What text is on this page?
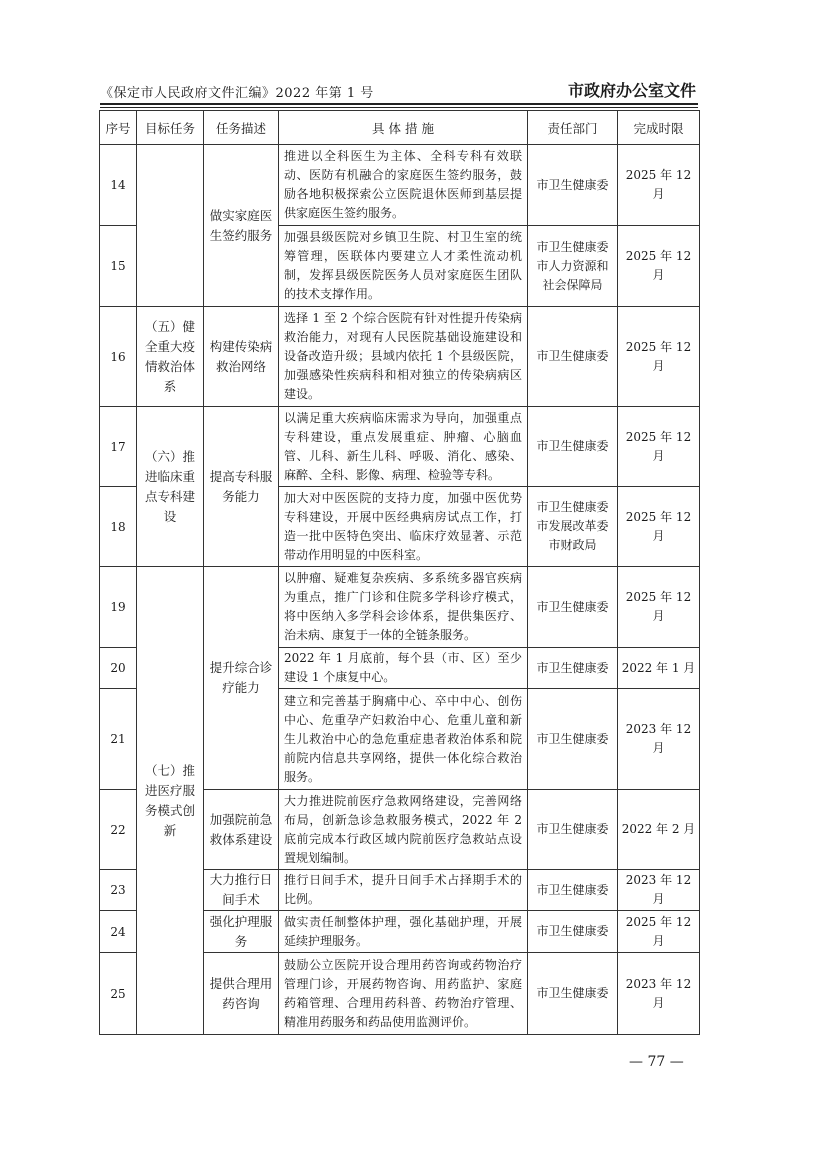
《保定市人民政府文件汇编》2022 年第 1 号	市政府办公室文件
序号	目标任务	任务描述	具 体 措 施	责任部门	完成时限
14		做实家庭医生签约服务	推进以全科医生为主体、全科专科有效联动、医防有机融合的家庭医生签约服务，鼓励各地积极探索公立医院退休医师到基层提供家庭医生签约服务。	市卫生健康委	2025 年 12 月
15			加强县级医院对乡镇卫生院、村卫生室的统筹管理，医联体内要建立人才柔性流动机制，发挥县级医院医务人员对家庭医生团队的技术支撑作用。	市卫生健康委市人力资源和社会保障局	2025 年 12 月
16	（五）健全重大疫情救治体系	构建传染病救治网络	选择 1 至 2 个综合医院有针对性提升传染病救治能力，对现有人民医院基础设施建设和设备改造升级；县域内依托 1 个县级医院，加强感染性疾病科和相对独立的传染病病区建设。	市卫生健康委	2025 年 12 月
17	（六）推进临床重点专科建设	提高专科服务能力	以满足重大疾病临床需求为导向，加强重点专科建设，重点发展重症、肿瘤、心脑血管、儿科、新生儿科、呼吸、消化、感染、麻醉、全科、影像、病理、检验等专科。	市卫生健康委	2025 年 12 月
18			加大对中医医院的支持力度，加强中医优势专科建设，开展中医经典病房试点工作，打造一批中医特色突出、临床疗效显著、示范带动作用明显的中医科室。	市卫生健康委市发展改革委市财政局	2025 年 12 月
19	（七）推进医疗服务模式创新	提升综合诊疗能力	以肿瘤、疑难复杂疾病、多系统多器官疾病为重点，推广门诊和住院多学科诊疗模式，将中医纳入多学科会诊体系，提供集医疗、治未病、康复于一体的全链条服务。	市卫生健康委	2025 年 12 月
20			2022 年 1 月底前，每个县（市、区）至少建设 1 个康复中心。	市卫生健康委	2022 年 1 月
21			建立和完善基于胸痛中心、卒中中心、创伤中心、危重孕产妇救治中心、危重儿童和新生儿救治中心的急危重症患者救治体系和院前院内信息共享网络，提供一体化综合救治服务。	市卫生健康委	2023 年 12 月
22		加强院前急救体系建设	大力推进院前医疗急救网络建设，完善网络布局，创新急诊急救服务模式，2022 年 2 底前完成本行政区域内院前医疗急救站点设置规划编制。	市卫生健康委	2022 年 2 月
23		大力推行日间手术	推行日间手术，提升日间手术占择期手术的比例。	市卫生健康委	2023 年 12 月
24		强化护理服务	做实责任制整体护理，强化基础护理，开展延续护理服务。	市卫生健康委	2025 年 12 月
25		提供合理用药咨询	鼓励公立医院开设合理用药咨询或药物治疗管理门诊，开展药物咨询、用药监护、家庭药箱管理、合理用药科普、药物治疗管理、精准用药服务和药品使用监测评价。	市卫生健康委	2023 年 12 月
— 77 —
